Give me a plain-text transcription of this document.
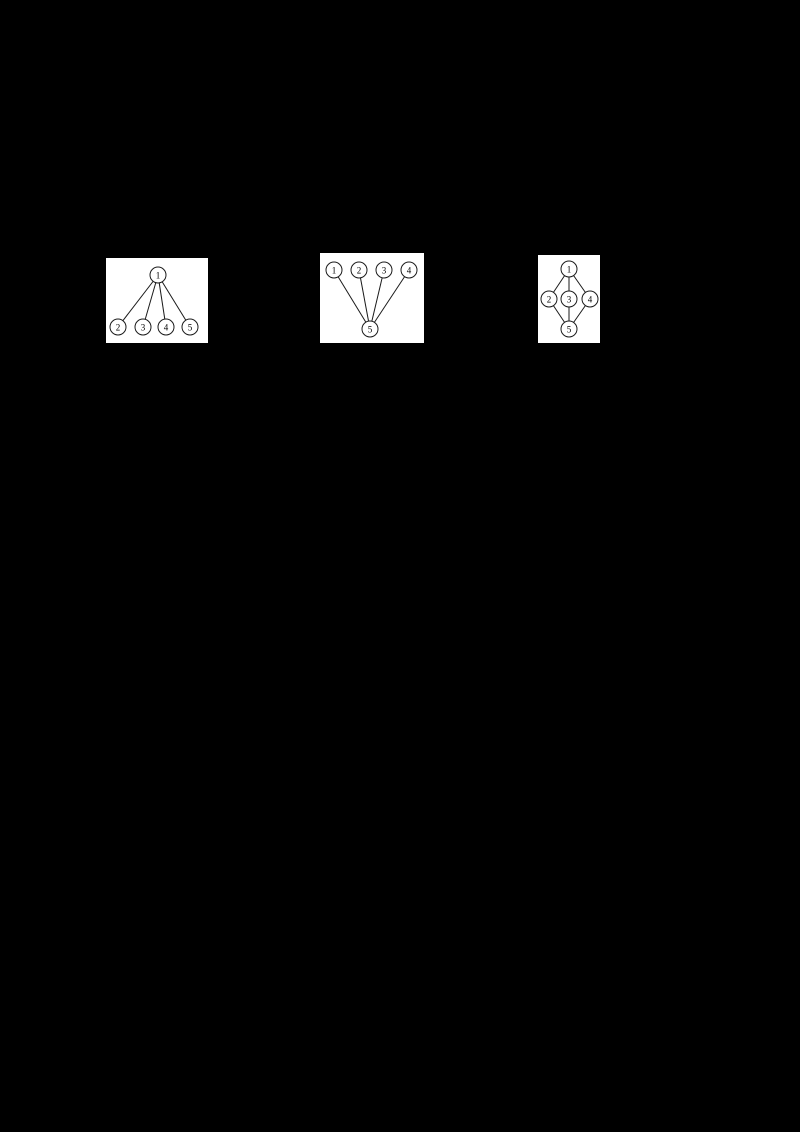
1
2 3 4 5
1 2 3 4
5
1
2 3 4
5
